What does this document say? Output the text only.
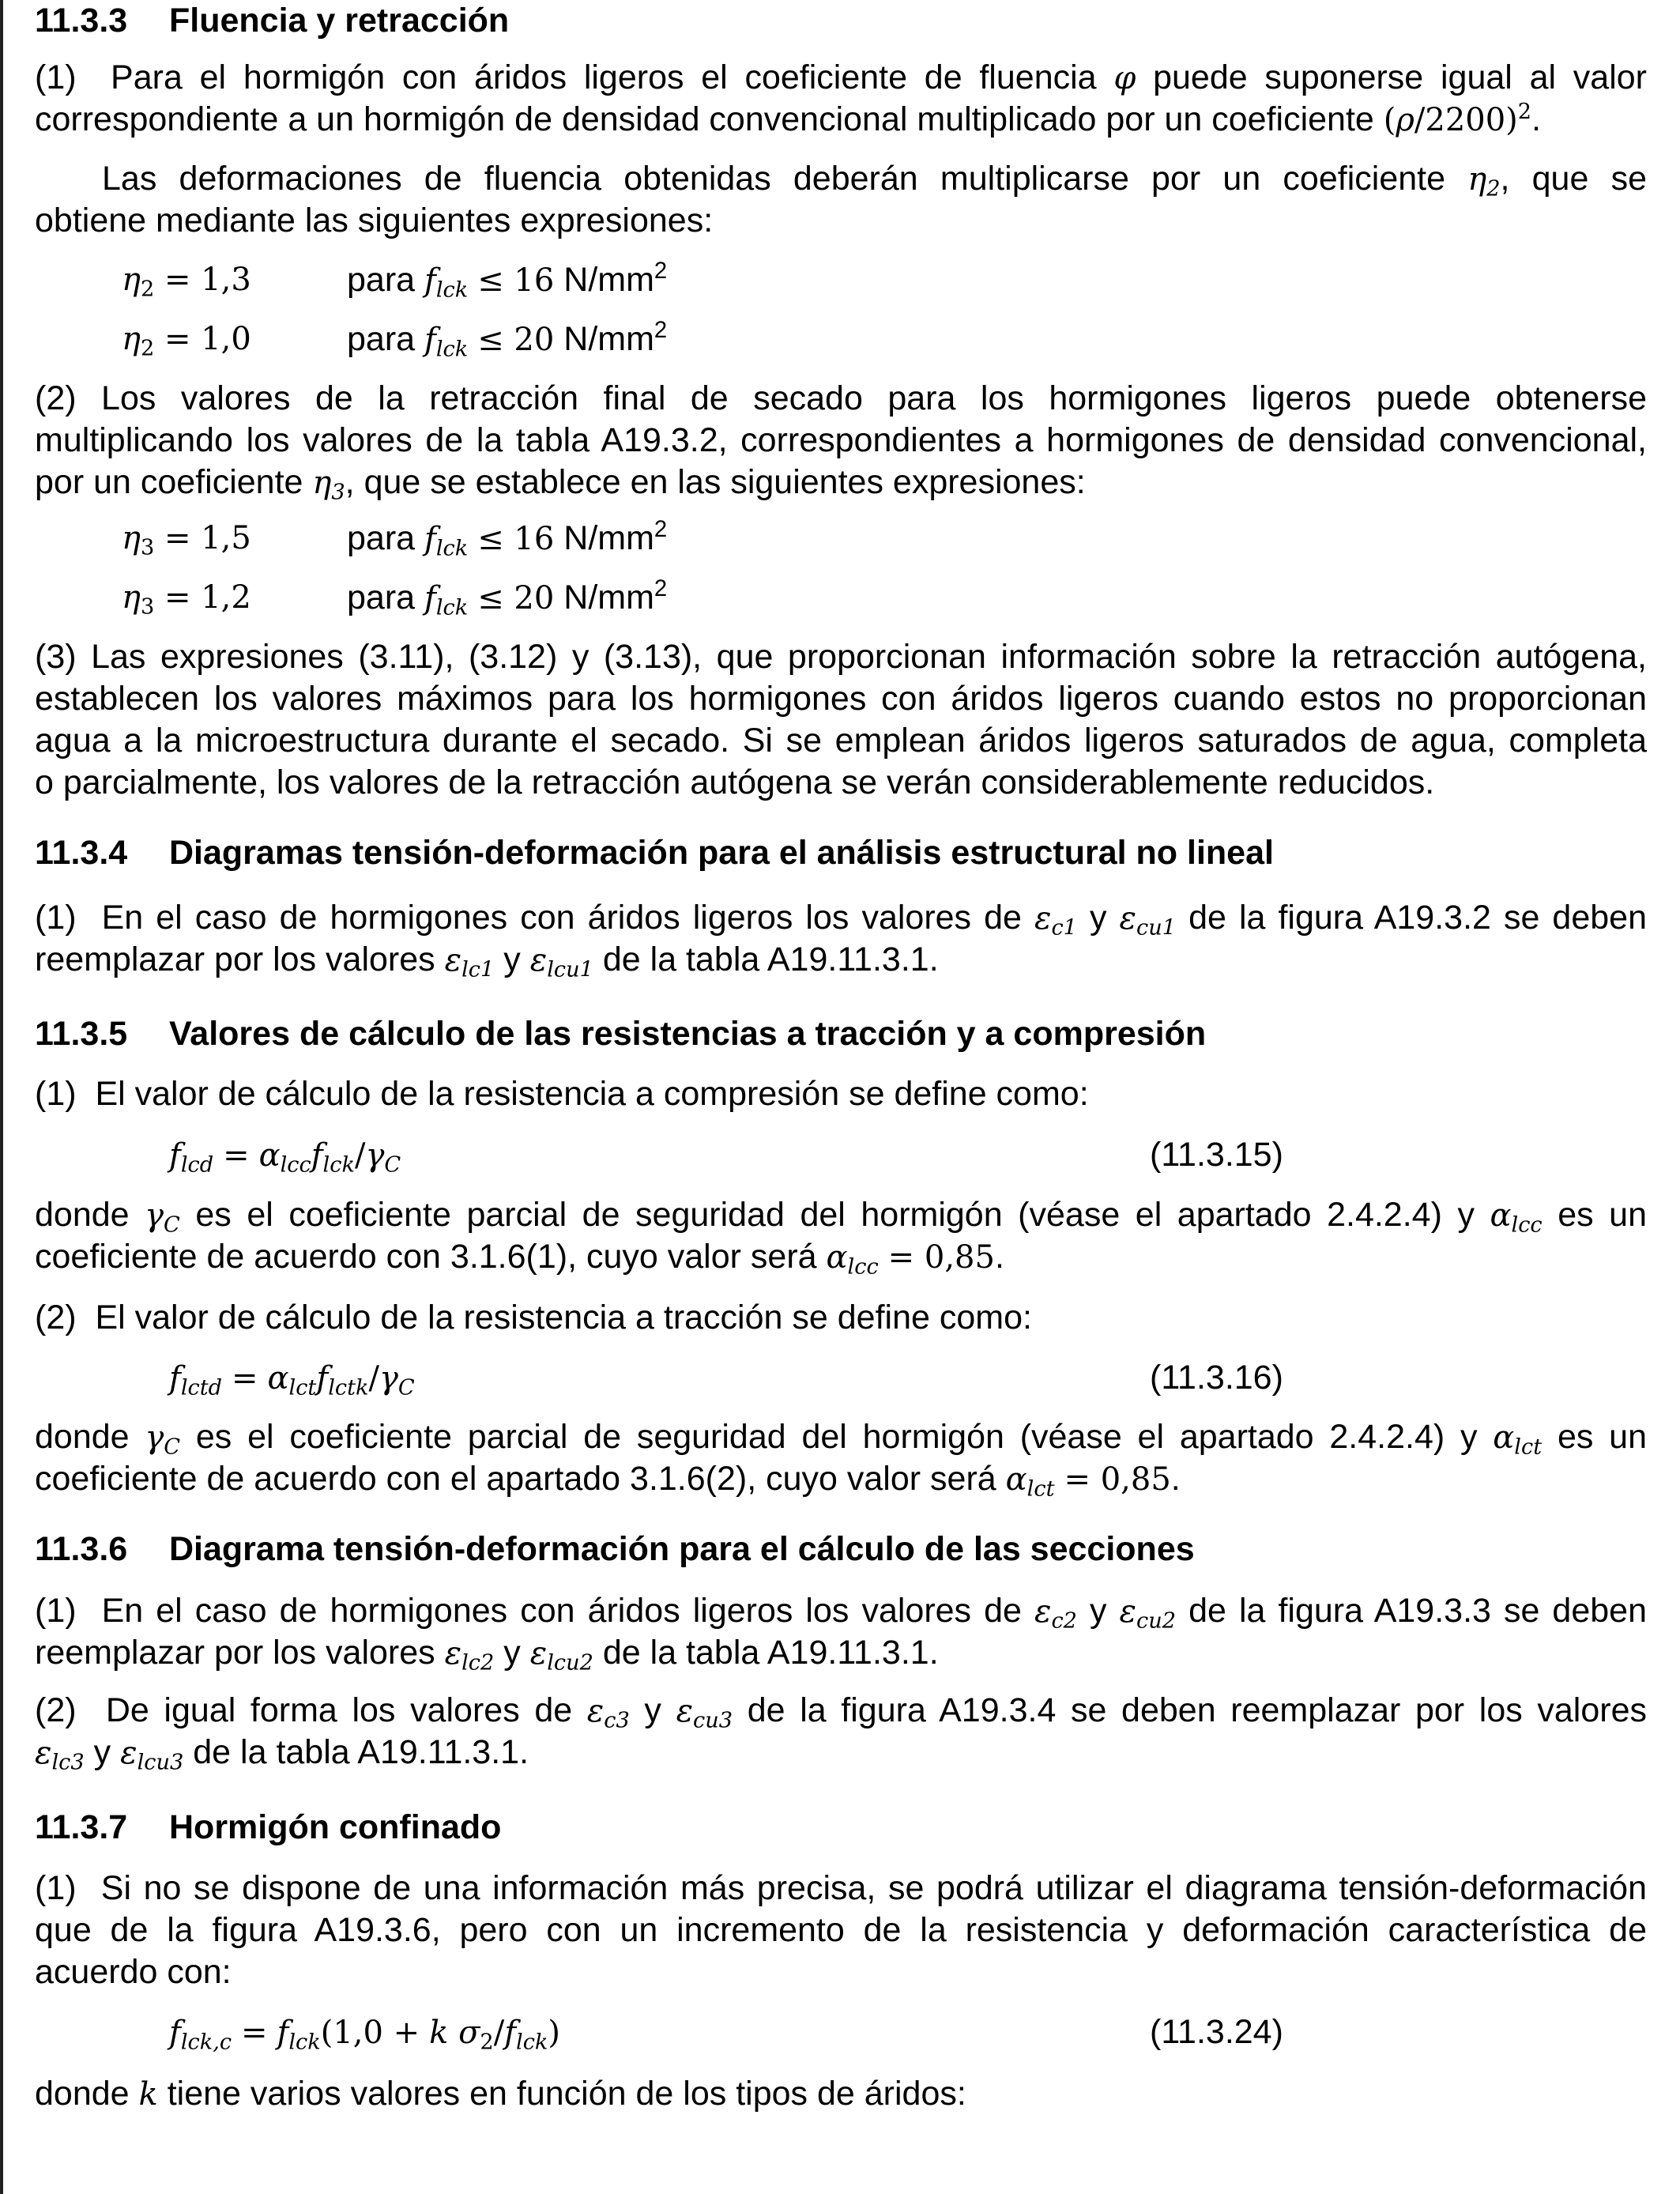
11.3.3 Fluencia y retracción

(1)  Para el hormigón con áridos ligeros el coeficiente de fluencia φ puede suponerse igual al valor

correspondiente a un hormigón de densidad convencional multiplicado por un coeficiente $(\rho/2200)^2$.

Las deformaciones de fluencia obtenidas deberán multiplicarse por un coeficiente $\eta_2$, que se

obtiene mediante las siguientes expresiones:

$\eta_2 = 1,3$	para $f_{lck} \le 16$ $N/mm^2$
$\eta_2 = 1,0$	para $f_{lck} \le 20$ $N/mm^2$

(2) Los valores de la retracción final de secado para los hormigones ligeros puede obtenerse

multiplicando los valores de la tabla A19.3.2, correspondientes a hormigones de densidad convencional,

por un coeficiente $\eta_3$, que se establece en las siguientes expresiones:

$\eta_3 = 1,5$	para $f_{lck} \le 16$ $N/mm^2$
$\eta_3 = 1,2$	para $f_{lck} \le 20$ $N/mm^2$

(3) Las expresiones (3.11), (3.12) y (3.13), que proporcionan información sobre la retracción autógena,

establecen los valores máximos para los hormigones con áridos ligeros cuando estos no proporcionan

agua a la microestructura durante el secado. Si se emplean áridos ligeros saturados de agua, completa

o parcialmente, los valores de la retracción autógena se verán considerablemente reducidos.

11.3.4 Diagramas tensión-deformación para el análisis estructural no lineal

(1)  En el caso de hormigones con áridos ligeros los valores de $\varepsilon_{c1}$ y $\varepsilon_{cu1}$ de la figura A19.3.2 se deben

reemplazar por los valores $\varepsilon_{lc1}$ y $\varepsilon_{lcu1}$ de la tabla A19.11.3.1.

11.3.5 Valores de cálculo de las resistencias a tracción y a compresión

(1)  El valor de cálculo de la resistencia a compresión se define como:

$f_{lcd} = \alpha_{lcc}f_{lck}/\gamma_C$	(11.3.15)

donde $\gamma_C$ es el coeficiente parcial de seguridad del hormigón (véase el apartado 2.4.2.4) y $\alpha_{lcc}$ es un

coeficiente de acuerdo con 3.1.6(1), cuyo valor será $\alpha_{lcc} = 0,85$.

(2)  El valor de cálculo de la resistencia a tracción se define como:

$f_{lctd} = \alpha_{lct}f_{lctk}/\gamma_C$	(11.3.16)

donde $\gamma_C$ es el coeficiente parcial de seguridad del hormigón (véase el apartado 2.4.2.4) y $\alpha_{lct}$ es un

coeficiente de acuerdo con el apartado 3.1.6(2), cuyo valor será $\alpha_{lct} = 0,85$.

11.3.6 Diagrama tensión-deformación para el cálculo de las secciones

(1)  En el caso de hormigones con áridos ligeros los valores de $\varepsilon_{c2}$ y $\varepsilon_{cu2}$ de la figura A19.3.3 se deben

reemplazar por los valores $\varepsilon_{lc2}$ y $\varepsilon_{lcu2}$ de la tabla A19.11.3.1.

(2)  De igual forma los valores de $\varepsilon_{c3}$ y $\varepsilon_{cu3}$ de la figura A19.3.4 se deben reemplazar por los valores

$\varepsilon_{lc3}$ y $\varepsilon_{lcu3}$ de la tabla A19.11.3.1.

11.3.7 Hormigón confinado

(1)  Si no se dispone de una información más precisa, se podrá utilizar el diagrama tensión-deformación

que de la figura A19.3.6, pero con un incremento de la resistencia y deformación característica de

acuerdo con:

$f_{lck,c} = f_{lck}(1,0 + k$ $\sigma_2/f_{lck}$)	(11.3.24)

donde k tiene varios valores en función de los tipos de áridos:
